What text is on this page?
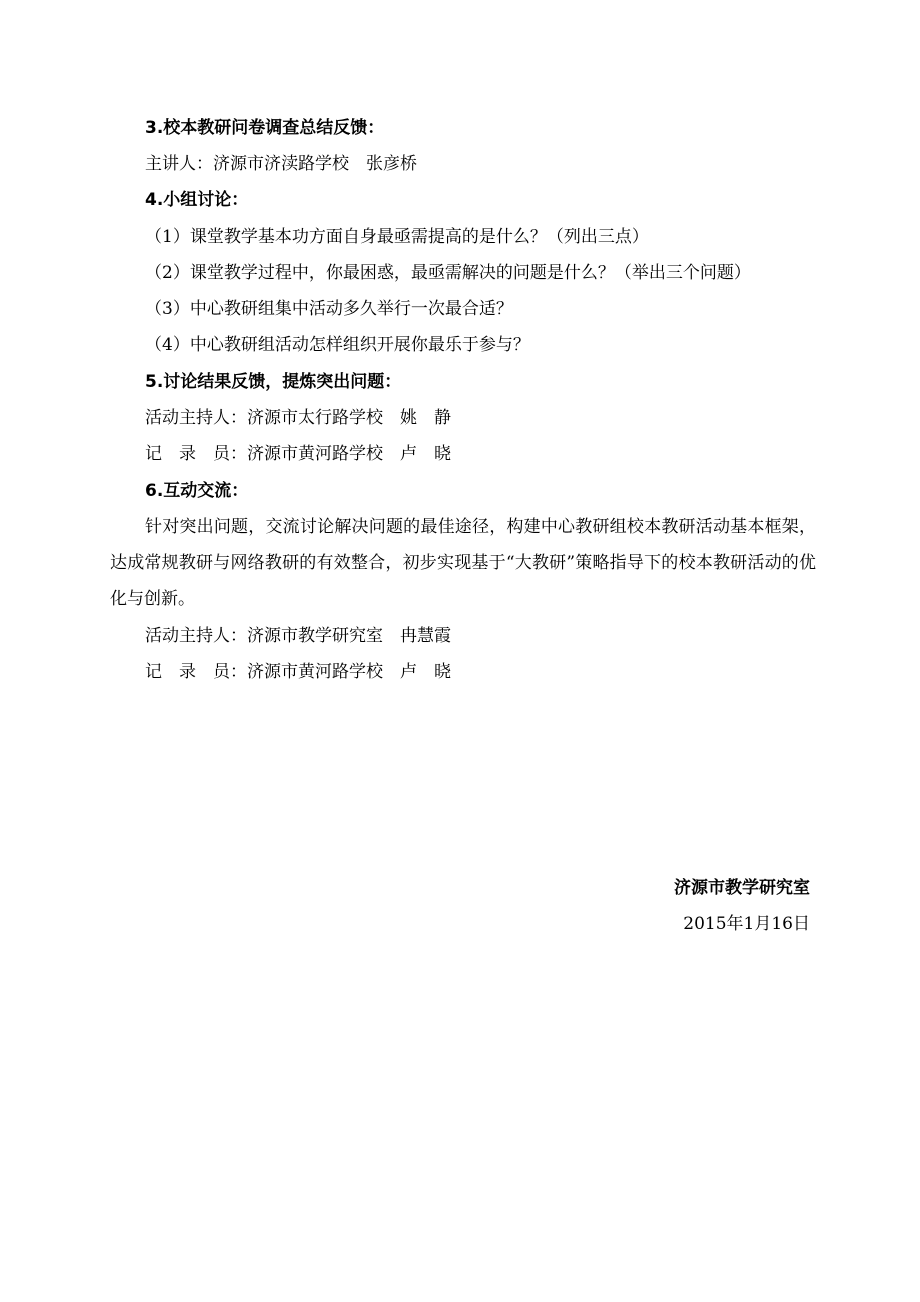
3.校本教研问卷调查总结反馈：
主讲人：济源市济渎路学校　张彦桥
4.小组讨论：
（1）课堂教学基本功方面自身最亟需提高的是什么？（列出三点）
（2）课堂教学过程中，你最困惑，最亟需解决的问题是什么？（举出三个问题）
（3）中心教研组集中活动多久举行一次最合适？
（4）中心教研组活动怎样组织开展你最乐于参与？
5.讨论结果反馈，提炼突出问题：
活动主持人：济源市太行路学校　姚　静
记　录　员：济源市黄河路学校　卢　晓
6.互动交流：
针对突出问题，交流讨论解决问题的最佳途径，构建中心教研组校本教研活动基本框架，达成常规教研与网络教研的有效整合，初步实现基于“大教研”策略指导下的校本教研活动的优化与创新。
活动主持人：济源市教学研究室　冉慧霞
记　录　员：济源市黄河路学校　卢　晓
济源市教学研究室
2015年1月16日
